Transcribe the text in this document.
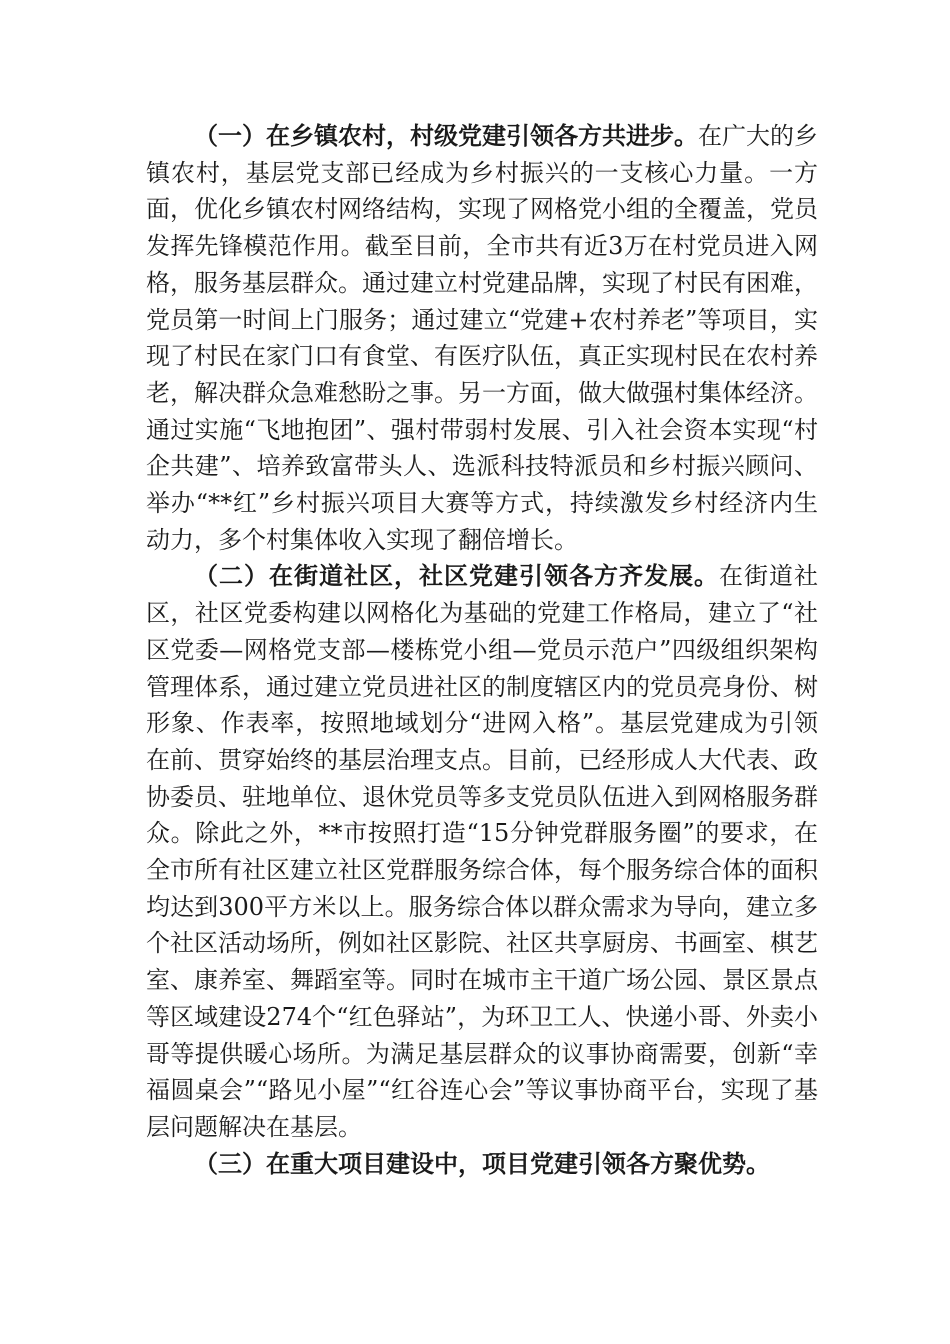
（一）在乡镇农村，村级党建引领各方共进步。在广大的乡镇农村，基层党支部已经成为乡村振兴的一支核心力量。一方面，优化乡镇农村网络结构，实现了网格党小组的全覆盖，党员发挥先锋模范作用。截至目前，全市共有近3万在村党员进入网格，服务基层群众。通过建立村党建品牌，实现了村民有困难，党员第一时间上门服务；通过建立“党建+农村养老”等项目，实现了村民在家门口有食堂、有医疗队伍，真正实现村民在农村养老，解决群众急难愁盼之事。另一方面，做大做强村集体经济。通过实施“飞地抱团”、强村带弱村发展、引入社会资本实现“村企共建”、培养致富带头人、选派科技特派员和乡村振兴顾问、举办“**红”乡村振兴项目大赛等方式，持续激发乡村经济内生动力，多个村集体收入实现了翻倍增长。

（二）在街道社区，社区党建引领各方齐发展。在街道社区，社区党委构建以网格化为基础的党建工作格局，建立了“社区党委—网格党支部—楼栋党小组—党员示范户”四级组织架构管理体系，通过建立党员进社区的制度辖区内的党员亮身份、树形象、作表率，按照地域划分“进网入格”。基层党建成为引领在前、贯穿始终的基层治理支点。目前，已经形成人大代表、政协委员、驻地单位、退休党员等多支党员队伍进入到网格服务群众。除此之外，**市按照打造“15分钟党群服务圈”的要求，在全市所有社区建立社区党群服务综合体，每个服务综合体的面积均达到300平方米以上。服务综合体以群众需求为导向，建立多个社区活动场所，例如社区影院、社区共享厨房、书画室、棋艺室、康养室、舞蹈室等。同时在城市主干道广场公园、景区景点等区域建设274个“红色驿站”，为环卫工人、快递小哥、外卖小哥等提供暖心场所。为满足基层群众的议事协商需要，创新“幸福圆桌会”“路见小屋”“红谷连心会”等议事协商平台，实现了基层问题解决在基层。

（三）在重大项目建设中，项目党建引领各方聚优势。
